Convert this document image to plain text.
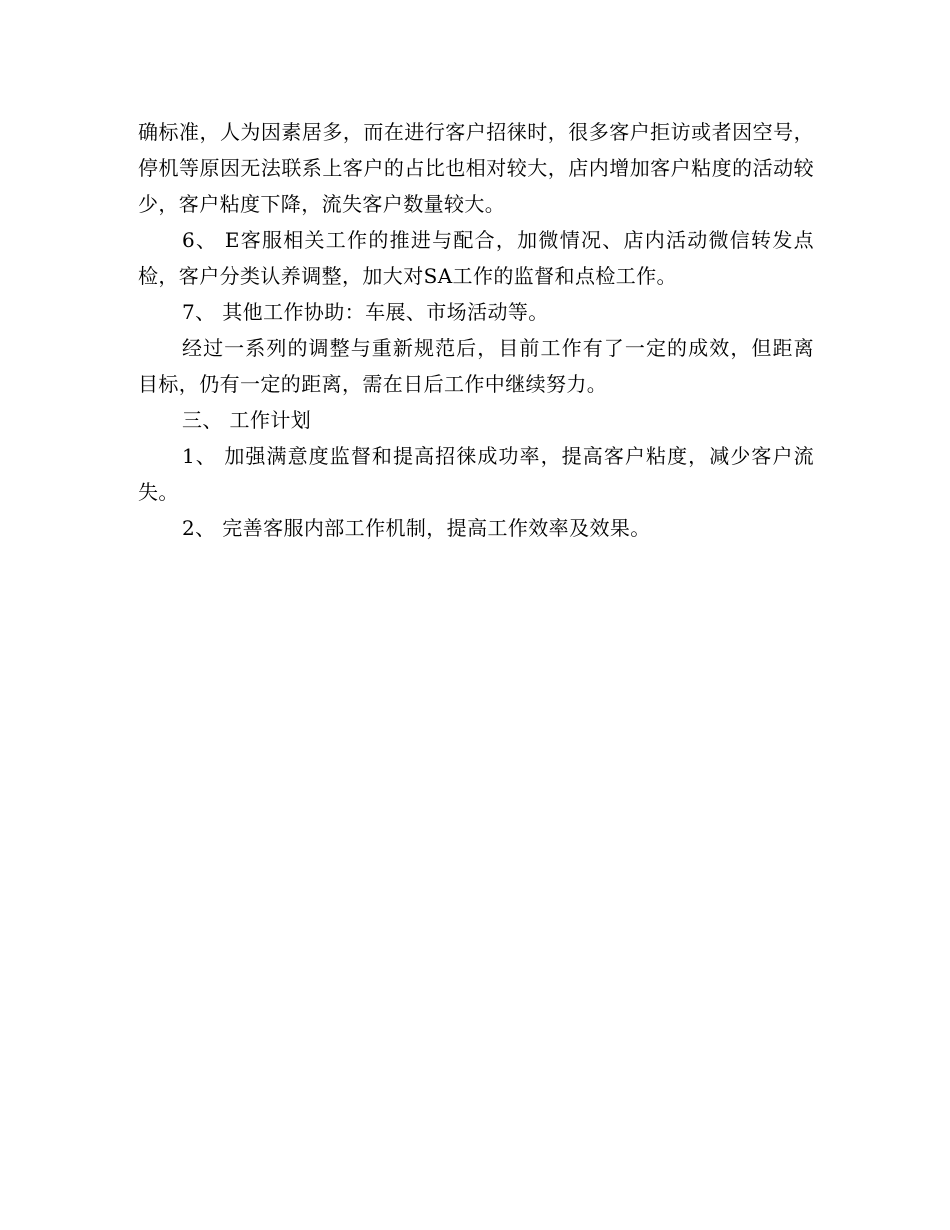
确标准，人为因素居多，而在进行客户招徕时，很多客户拒访或者因空号，停机等原因无法联系上客户的占比也相对较大，店内增加客户粘度的活动较少，客户粘度下降，流失客户数量较大。

6、 E客服相关工作的推进与配合，加微情况、店内活动微信转发点检，客户分类认养调整，加大对SA工作的监督和点检工作。

7、 其他工作协助：车展、市场活动等。

经过一系列的调整与重新规范后，目前工作有了一定的成效，但距离目标，仍有一定的距离，需在日后工作中继续努力。

三、 工作计划

1、 加强满意度监督和提高招徕成功率，提高客户粘度，减少客户流失。

2、 完善客服内部工作机制，提高工作效率及效果。
